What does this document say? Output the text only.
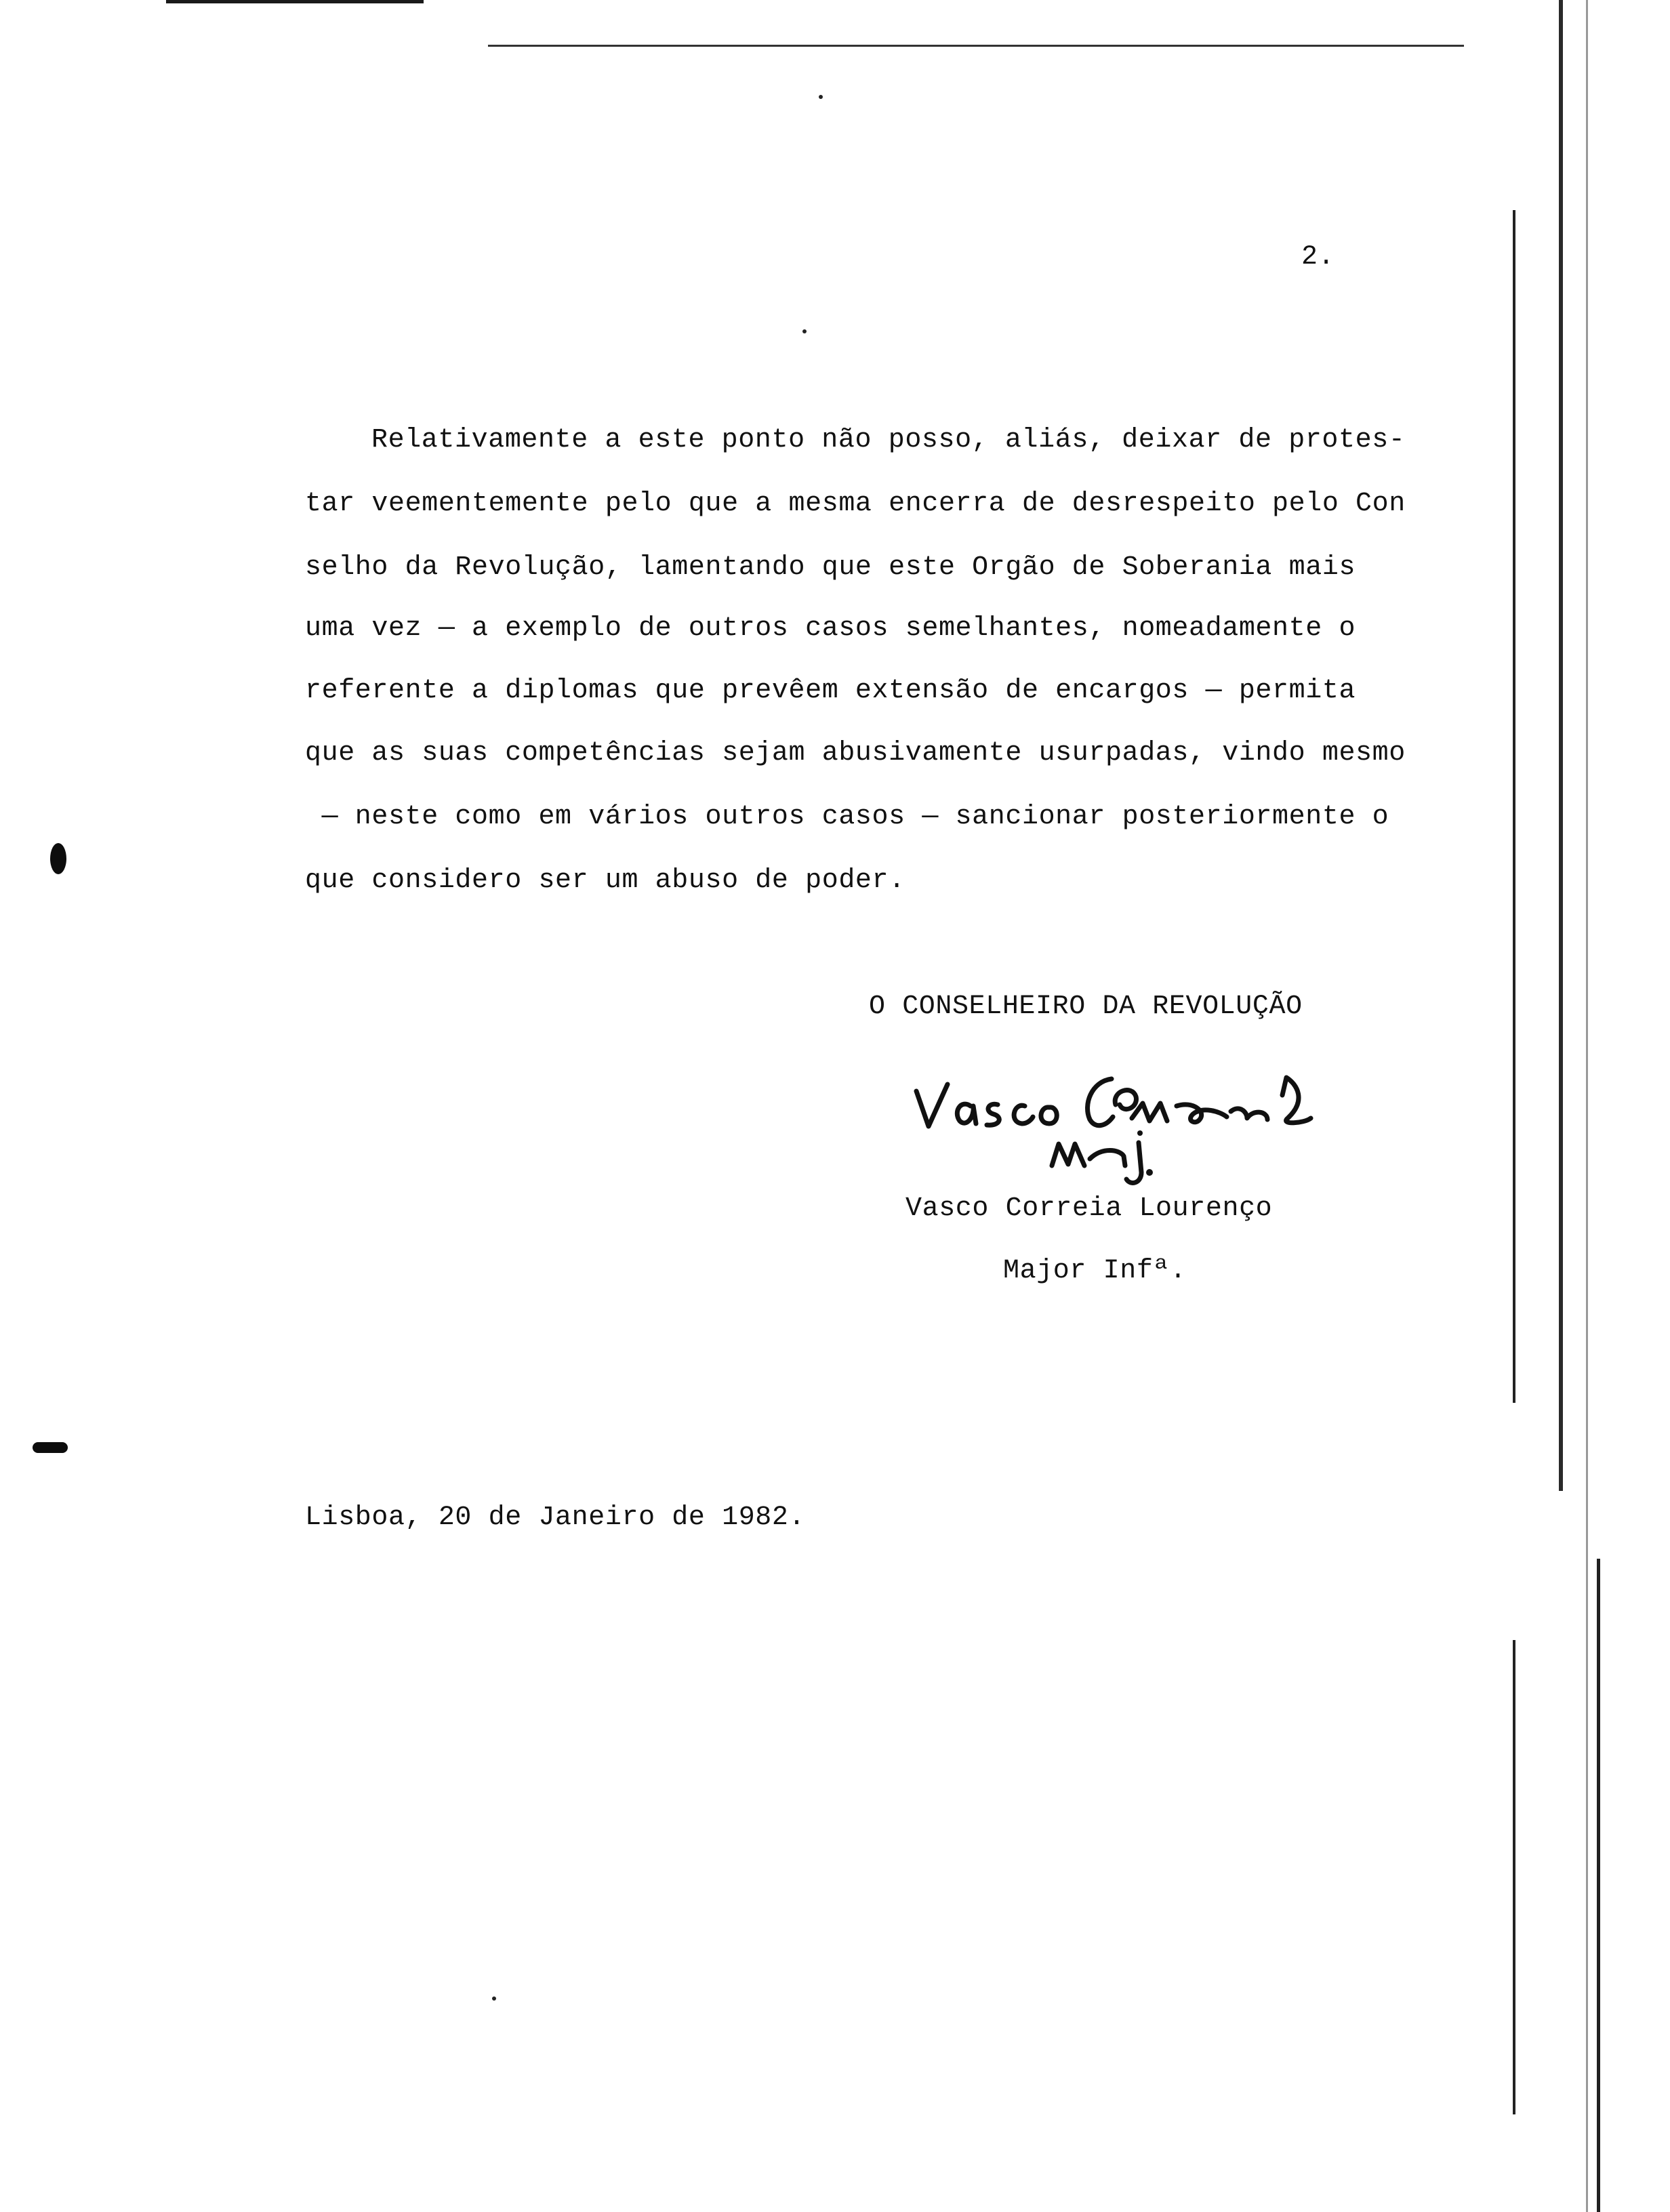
2.
Relativamente a este ponto não posso, aliás, deixar de protes-
tar veementemente pelo que a mesma encerra de desrespeito pelo Con
selho da Revolução, lamentando que este Orgão de Soberania mais
uma vez — a exemplo de outros casos semelhantes, nomeadamente o
referente a diplomas que prevêem extensão de encargos — permita
que as suas competências sejam abusivamente usurpadas, vindo mesmo
— neste como em vários outros casos — sancionar posteriormente o
que considero ser um abuso de poder.
O CONSELHEIRO DA REVOLUÇÃO
Vasco Correia Lourenço
Major Infª.
Lisboa, 20 de Janeiro de 1982.
